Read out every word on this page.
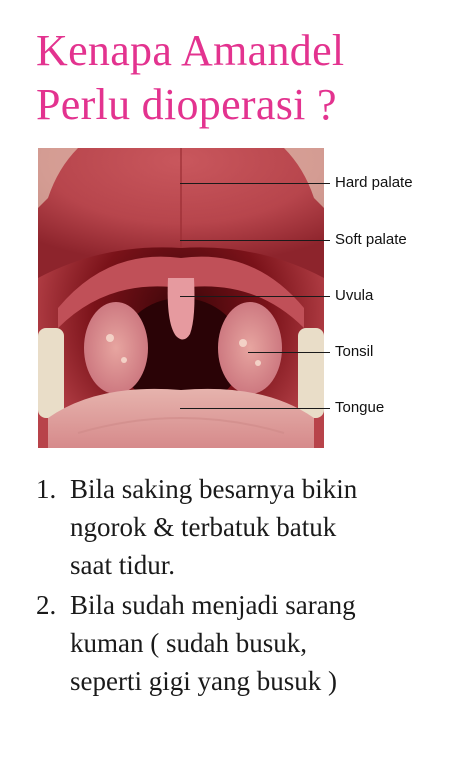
Kenapa Amandel
Perlu dioperasi ?
Hard palate
Soft palate
Uvula
Tonsil
Tongue
1. Bila saking besarnya bikin
ngorok & terbatuk batuk
saat tidur.
2. Bila sudah menjadi sarang
kuman ( sudah busuk,
seperti gigi yang busuk )
